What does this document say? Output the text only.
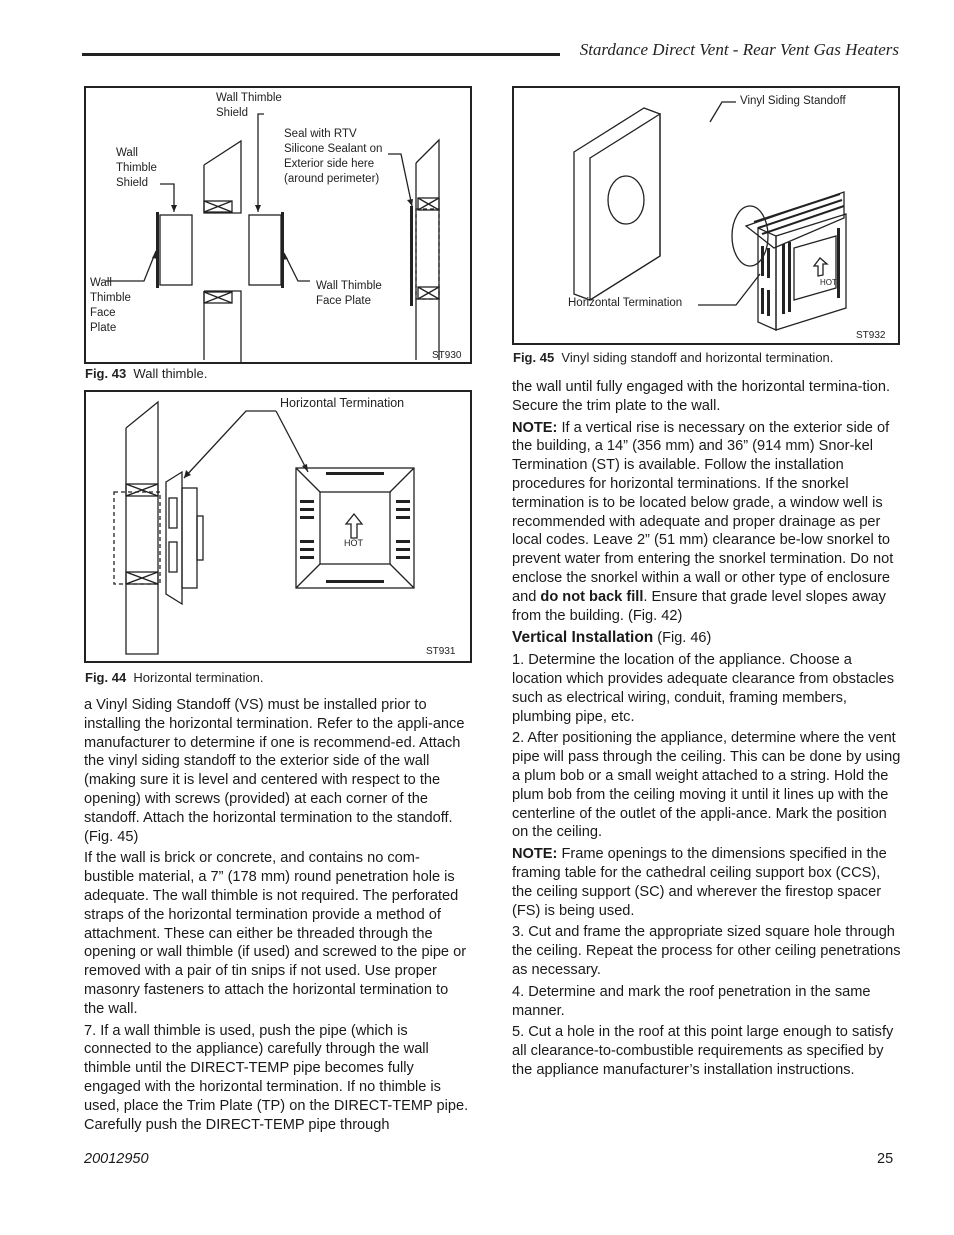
Stardance Direct Vent - Rear Vent Gas Heaters
Wall Thimble Shield
Wall Thimble Shield
Seal with RTV Silicone Sealant on Exterior side here (around perimeter)
Wall Thimble Face Plate
Wall Thimble Face Plate
ST930
Fig. 43 Wall thimble.
Horizontal Termination
HOT
ST931
Fig. 44 Horizontal termination.
Vinyl Siding Standoff
Horizontal Termination
HOT
ST932
Fig. 45 Vinyl siding standoff and horizontal termination.

a Vinyl Siding Standoff (VS) must be installed prior to installing the horizontal termination. Refer to the appli-ance manufacturer to determine if one is recommend-ed. Attach the vinyl siding standoff to the exterior side of the wall (making sure it is level and centered with respect to the opening) with screws (provided) at each corner of the standoff. Attach the horizontal termination to the standoff. (Fig. 45)

If the wall is brick or concrete, and contains no com-bustible material, a 7” (178 mm) round penetration hole is adequate. The wall thimble is not required. The perforated straps of the horizontal termination provide a method of attachment. These can either be threaded through the opening or wall thimble (if used) and screwed to the pipe or removed with a pair of tin snips if not used. Use proper masonry fasteners to attach the horizontal termination to the wall.

7. If a wall thimble is used, push the pipe (which is connected to the appliance) carefully through the wall thimble until the DIRECT-TEMP pipe becomes fully engaged with the horizontal termination. If no thimble is used, place the Trim Plate (TP) on the DIRECT-TEMP pipe. Carefully push the DIRECT-TEMP pipe through

the wall until fully engaged with the horizontal termina-tion. Secure the trim plate to the wall.

NOTE: If a vertical rise is necessary on the exterior side of the building, a 14” (356 mm) and 36” (914 mm) Snor-kel Termination (ST) is available. Follow the installation procedures for horizontal terminations. If the snorkel termination is to be located below grade, a window well is recommended with adequate and proper drainage as per local codes. Leave 2” (51 mm) clearance be-low snorkel to prevent water from entering the snorkel termination. Do not enclose the snorkel within a wall or other type of enclosure and do not back fill. Ensure that grade level slopes away from the building. (Fig. 42)

Vertical Installation (Fig. 46)

1. Determine the location of the appliance. Choose a location which provides adequate clearance from obstacles such as electrical wiring, conduit, framing members, plumbing pipe, etc.

2. After positioning the appliance, determine where the vent pipe will pass through the ceiling. This can be done by using a plum bob or a small weight attached to a string. Hold the plum bob from the ceiling moving it until it lines up with the centerline of the outlet of the appli-ance. Mark the position on the ceiling.

NOTE: Frame openings to the dimensions specified in the framing table for the cathedral ceiling support box (CCS), the ceiling support (SC) and wherever the firestop spacer (FS) is being used.

3. Cut and frame the appropriate sized square hole through the ceiling. Repeat the process for other ceiling penetrations as necessary.

4. Determine and mark the roof penetration in the same manner.

5. Cut a hole in the roof at this point large enough to satisfy all clearance-to-combustible requirements as specified by the appliance manufacturer’s installation instructions.

20012950	25
